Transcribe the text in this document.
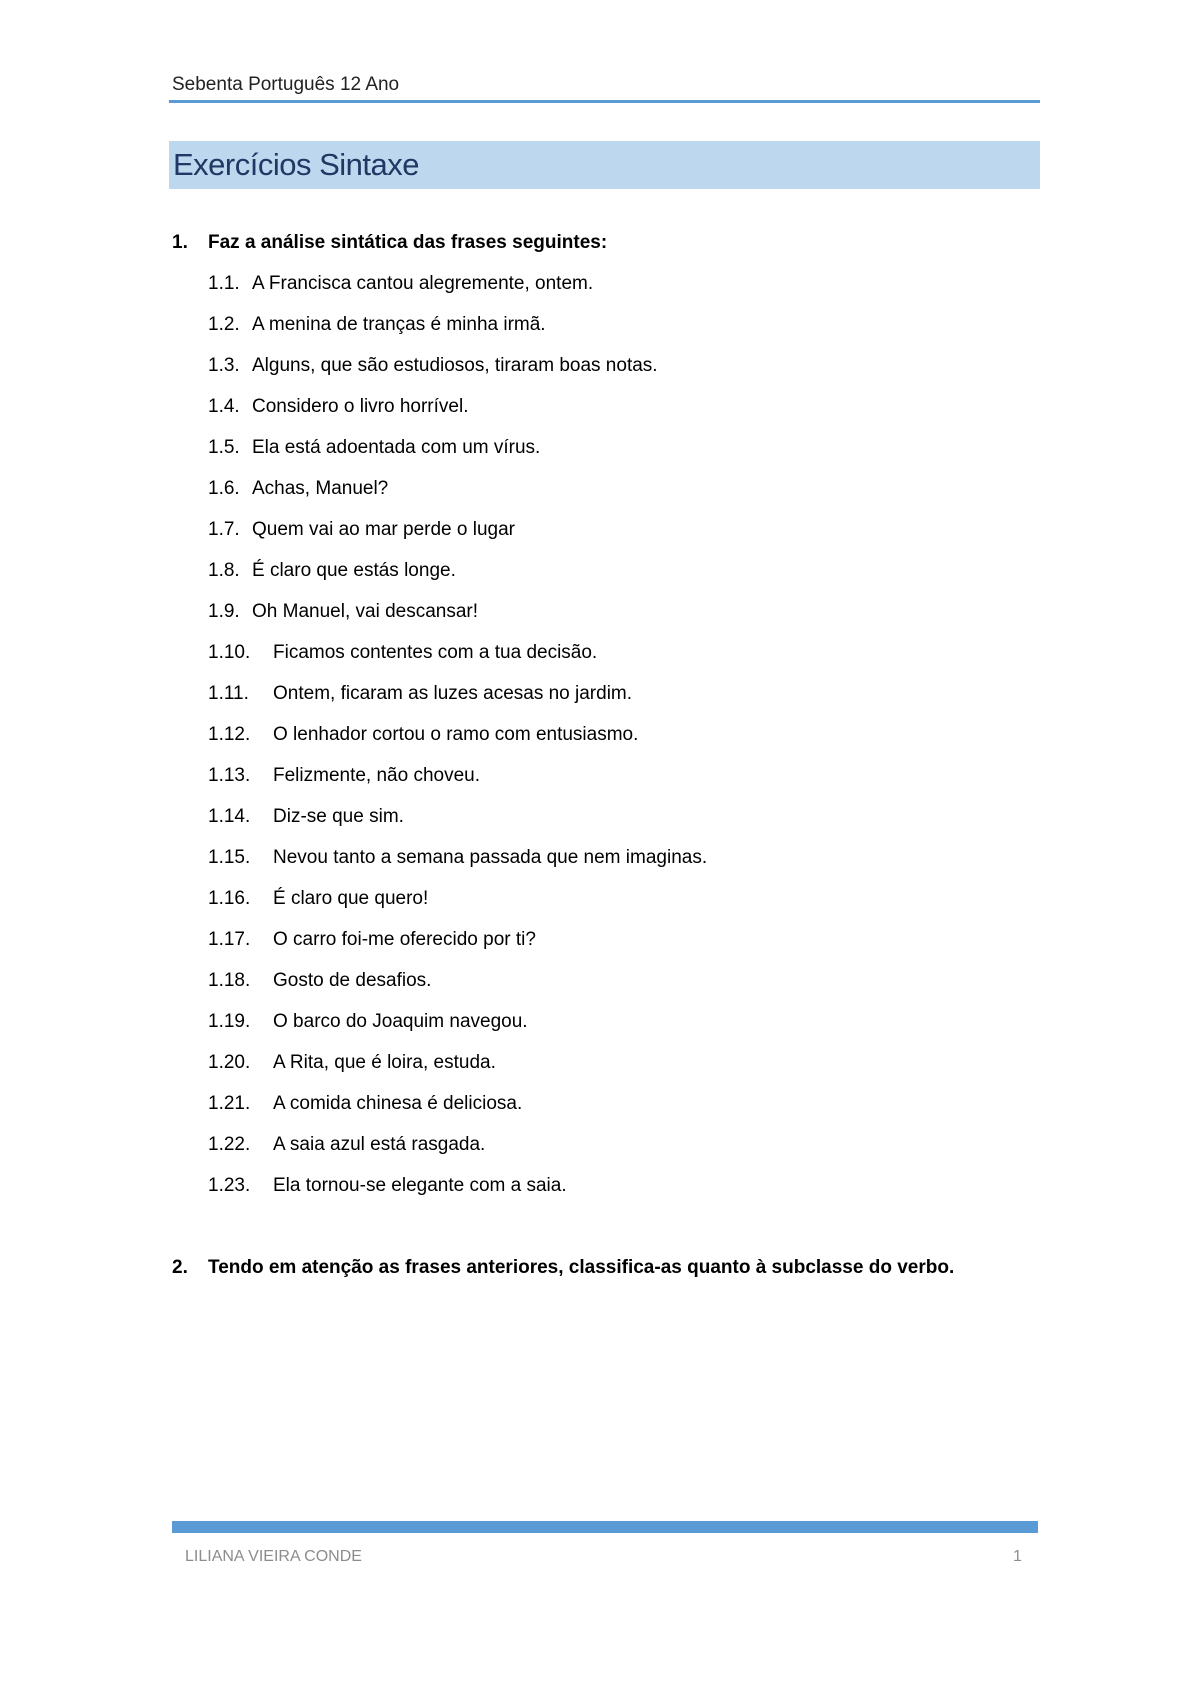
Sebenta Português 12 Ano
Exercícios Sintaxe
1. Faz a análise sintática das frases seguintes:
1.1. A Francisca cantou alegremente, ontem.
1.2. A menina de tranças é minha irmã.
1.3. Alguns, que são estudiosos, tiraram boas notas.
1.4. Considero o livro horrível.
1.5. Ela está adoentada com um vírus.
1.6. Achas, Manuel?
1.7. Quem vai ao mar perde o lugar
1.8. É claro que estás longe.
1.9. Oh Manuel, vai descansar!
1.10. Ficamos contentes com a tua decisão.
1.11. Ontem, ficaram as luzes acesas no jardim.
1.12. O lenhador cortou o ramo com entusiasmo.
1.13. Felizmente, não choveu.
1.14. Diz-se que sim.
1.15. Nevou tanto a semana passada que nem imaginas.
1.16. É claro que quero!
1.17. O carro foi-me oferecido por ti?
1.18. Gosto de desafios.
1.19. O barco do Joaquim navegou.
1.20. A Rita, que é loira, estuda.
1.21. A comida chinesa é deliciosa.
1.22. A saia azul está rasgada.
1.23. Ela tornou-se elegante com a saia.
2. Tendo em atenção as frases anteriores, classifica-as quanto à subclasse do verbo.
LILIANA VIEIRA CONDE	1
